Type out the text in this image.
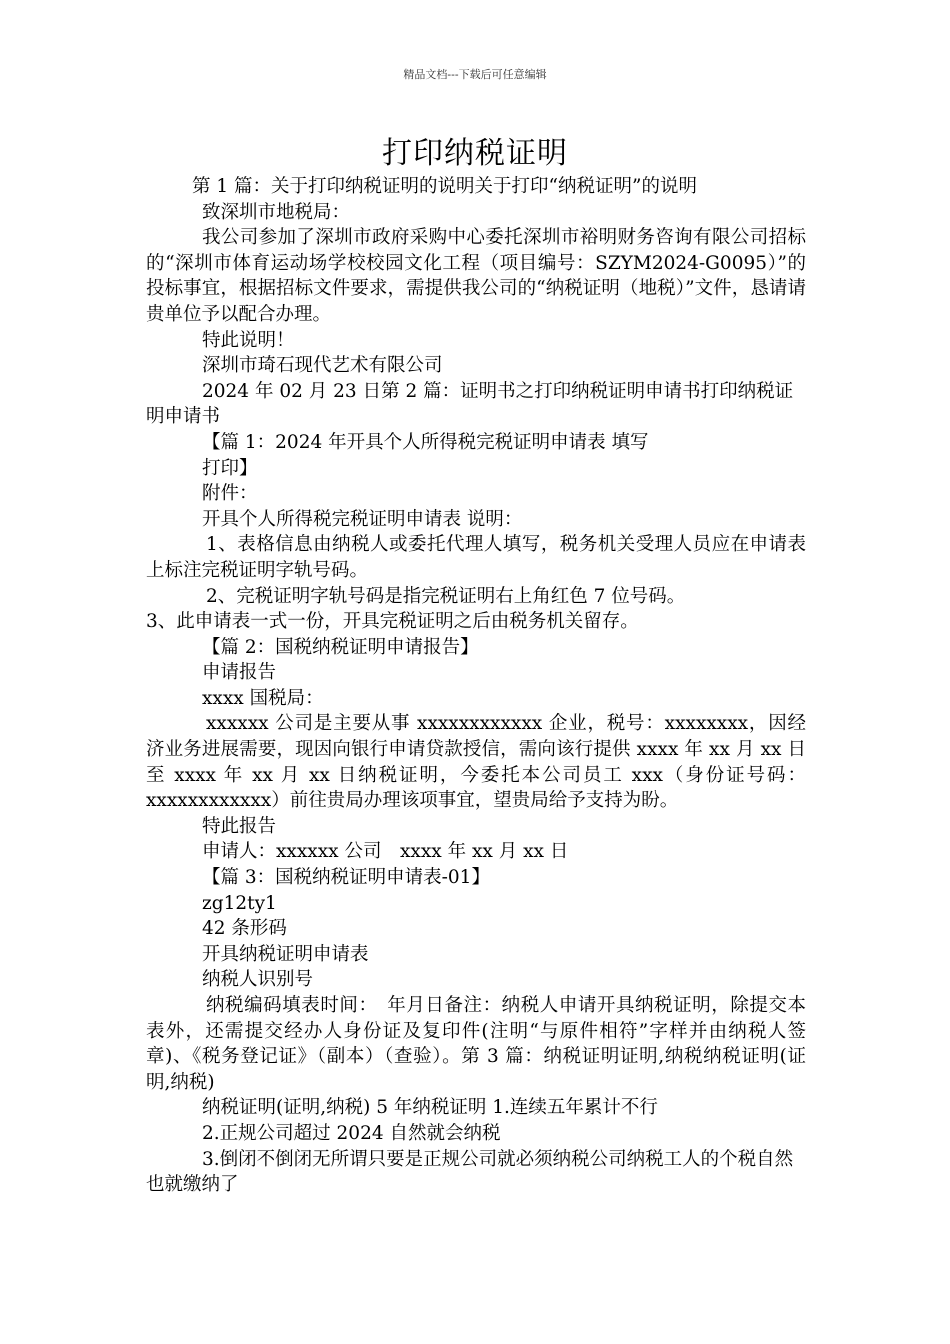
精品文档---下载后可任意编辑
打印纳税证明

第 1 篇：关于打印纳税证明的说明关于打印“纳税证明”的说明

致深圳市地税局：

我公司参加了深圳市政府采购中心委托深圳市裕明财务咨询有限公司招标的“深圳市体育运动场学校校园文化工程（项目编号：SZYM2024-G0095）”的投标事宜，根据招标文件要求，需提供我公司的“纳税证明（地税）”文件，恳请请贵单位予以配合办理。

特此说明！

深圳市琦石现代艺术有限公司

2024 年 02 月 23 日第 2 篇：证明书之打印纳税证明申请书打印纳税证明申请书

【篇 1：2024 年开具个人所得税完税证明申请表 填写

打印】

附件：

开具个人所得税完税证明申请表 说明：

1、表格信息由纳税人或委托代理人填写，税务机关受理人员应在申请表上标注完税证明字轨号码。

2、完税证明字轨号码是指完税证明右上角红色 7 位号码。

3、此申请表一式一份，开具完税证明之后由税务机关留存。

【篇 2：国税纳税证明申请报告】

申请报告

xxxx 国税局：

xxxxxx 公司是主要从事 xxxxxxxxxxxx 企业，税号：xxxxxxxx，因经济业务进展需要，现因向银行申请贷款授信，需向该行提供 xxxx 年 xx 月 xx 日至 xxxx 年 xx 月 xx 日纳税证明，今委托本公司员工 xxx（身份证号码：xxxxxxxxxxxx）前往贵局办理该项事宜，望贵局给予支持为盼。

特此报告

申请人：xxxxxx 公司　xxxx 年 xx 月 xx 日

【篇 3：国税纳税证明申请表-01】

zg12ty1

42 条形码

开具纳税证明申请表

纳税人识别号

纳税编码填表时间：　年月日备注：纳税人申请开具纳税证明，除提交本表外，还需提交经办人身份证及复印件(注明“与原件相符”字样并由纳税人签章)、《税务登记证》（副本）（查验）。第 3 篇：纳税证明证明,纳税纳税证明(证明,纳税)

纳税证明(证明,纳税) 5 年纳税证明 1.连续五年累计不行

2.正规公司超过 2024 自然就会纳税

3.倒闭不倒闭无所谓只要是正规公司就必须纳税公司纳税工人的个税自然也就缴纳了
